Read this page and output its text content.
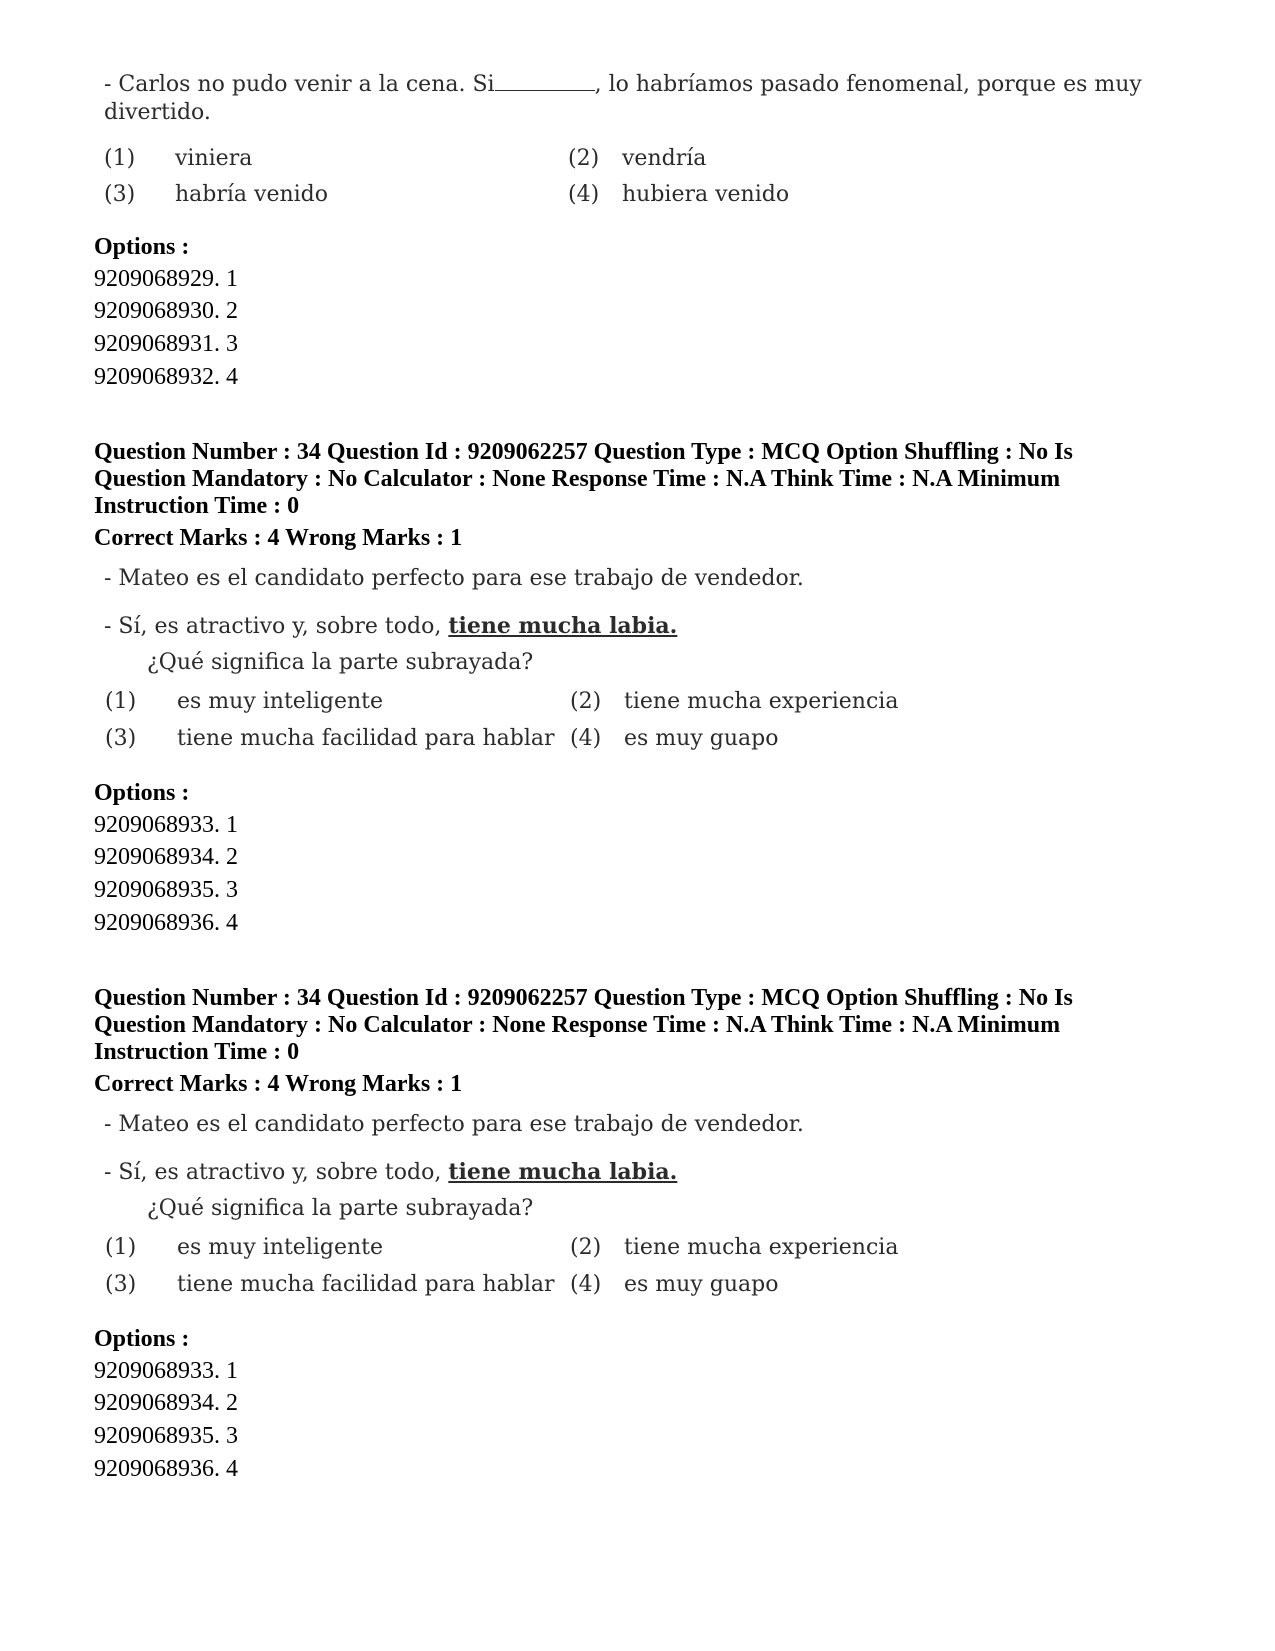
- Carlos no pudo venir a la cena. Si	, lo habríamos pasado fenomenal, porque es muy
divertido.
(1) viniera	(2) vendría
(3) habría venido	(4) hubiera venido
Options :
9209068929. 1
9209068930. 2
9209068931. 3
9209068932. 4
Question Number : 34 Question Id : 9209062257 Question Type : MCQ Option Shuffling : No Is
Question Mandatory : No Calculator : None Response Time : N.A Think Time : N.A Minimum
Instruction Time : 0
Correct Marks : 4 Wrong Marks : 1
- Mateo es el candidato perfecto para ese trabajo de vendedor.
- Sí, es atractivo y, sobre todo, tiene mucha labia.
¿Qué significa la parte subrayada?
(1) es muy inteligente	(2) tiene mucha experiencia
(3) tiene mucha facilidad para hablar (4) es muy guapo
Options :
9209068933. 1
9209068934. 2
9209068935. 3
9209068936. 4
Question Number : 34 Question Id : 9209062257 Question Type : MCQ Option Shuffling : No Is
Question Mandatory : No Calculator : None Response Time : N.A Think Time : N.A Minimum
Instruction Time : 0
Correct Marks : 4 Wrong Marks : 1
- Mateo es el candidato perfecto para ese trabajo de vendedor.
- Sí, es atractivo y, sobre todo, tiene mucha labia.
¿Qué significa la parte subrayada?
(1) es muy inteligente	(2) tiene mucha experiencia
(3) tiene mucha facilidad para hablar (4) es muy guapo
Options :
9209068933. 1
9209068934. 2
9209068935. 3
9209068936. 4
